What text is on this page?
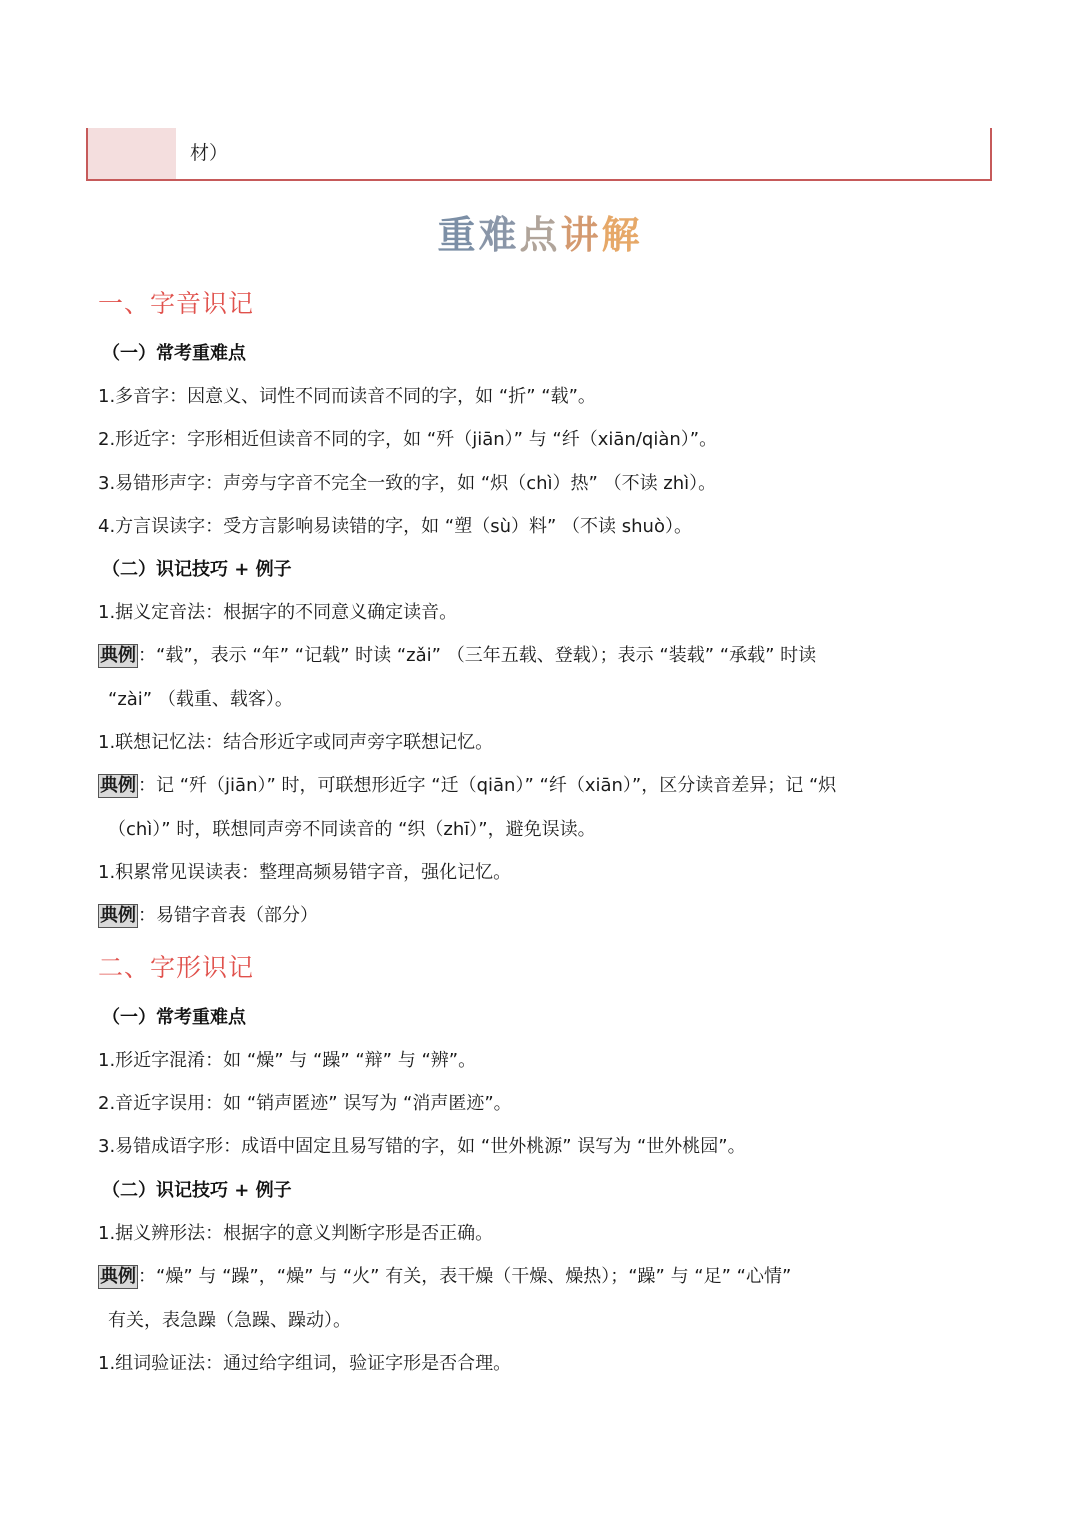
材）
重难点讲解
一、字音识记
（一）常考重难点
1.多音字：因意义、词性不同而读音不同的字，如 “折” “载”。
2.形近字：字形相近但读音不同的字，如 “歼（jiān）” 与 “纤（xiān/qiàn）”。
3.易错形声字：声旁与字音不完全一致的字，如 “炽（chì）热” （不读 zhì）。
4.方言误读字：受方言影响易读错的字，如 “塑（sù）料” （不读 shuò）。
（二）识记技巧 + 例子
1.据义定音法：根据字的不同意义确定读音。
典例 ：“载”，表示 “年” “记载” 时读 “zǎi” （三年五载、登载）；表示 “装载” “承载” 时读
“zài” （载重、载客）。
1.联想记忆法：结合形近字或同声旁字联想记忆。
典例 ：记 “歼（jiān）” 时，可联想形近字 “迁（qiān）” “纤（xiān）”，区分读音差异；记 “炽
（chì）” 时，联想同声旁不同读音的 “织（zhī）”，避免误读。
1.积累常见误读表：整理高频易错字音，强化记忆。
典例 ：易错字音表（部分）
二、字形识记
（一）常考重难点
1.形近字混淆：如 “燥” 与 “躁” “辩” 与 “辨”。
2.音近字误用：如 “销声匿迹” 误写为 “消声匿迹”。
3.易错成语字形：成语中固定且易写错的字，如 “世外桃源” 误写为 “世外桃园”。
（二）识记技巧 + 例子
1.据义辨形法：根据字的意义判断字形是否正确。
典例 ：“燥” 与 “躁”，“燥” 与 “火” 有关，表干燥（干燥、燥热）；“躁” 与 “足” “心情”
有关，表急躁（急躁、躁动）。
1.组词验证法：通过给字组词，验证字形是否合理。
